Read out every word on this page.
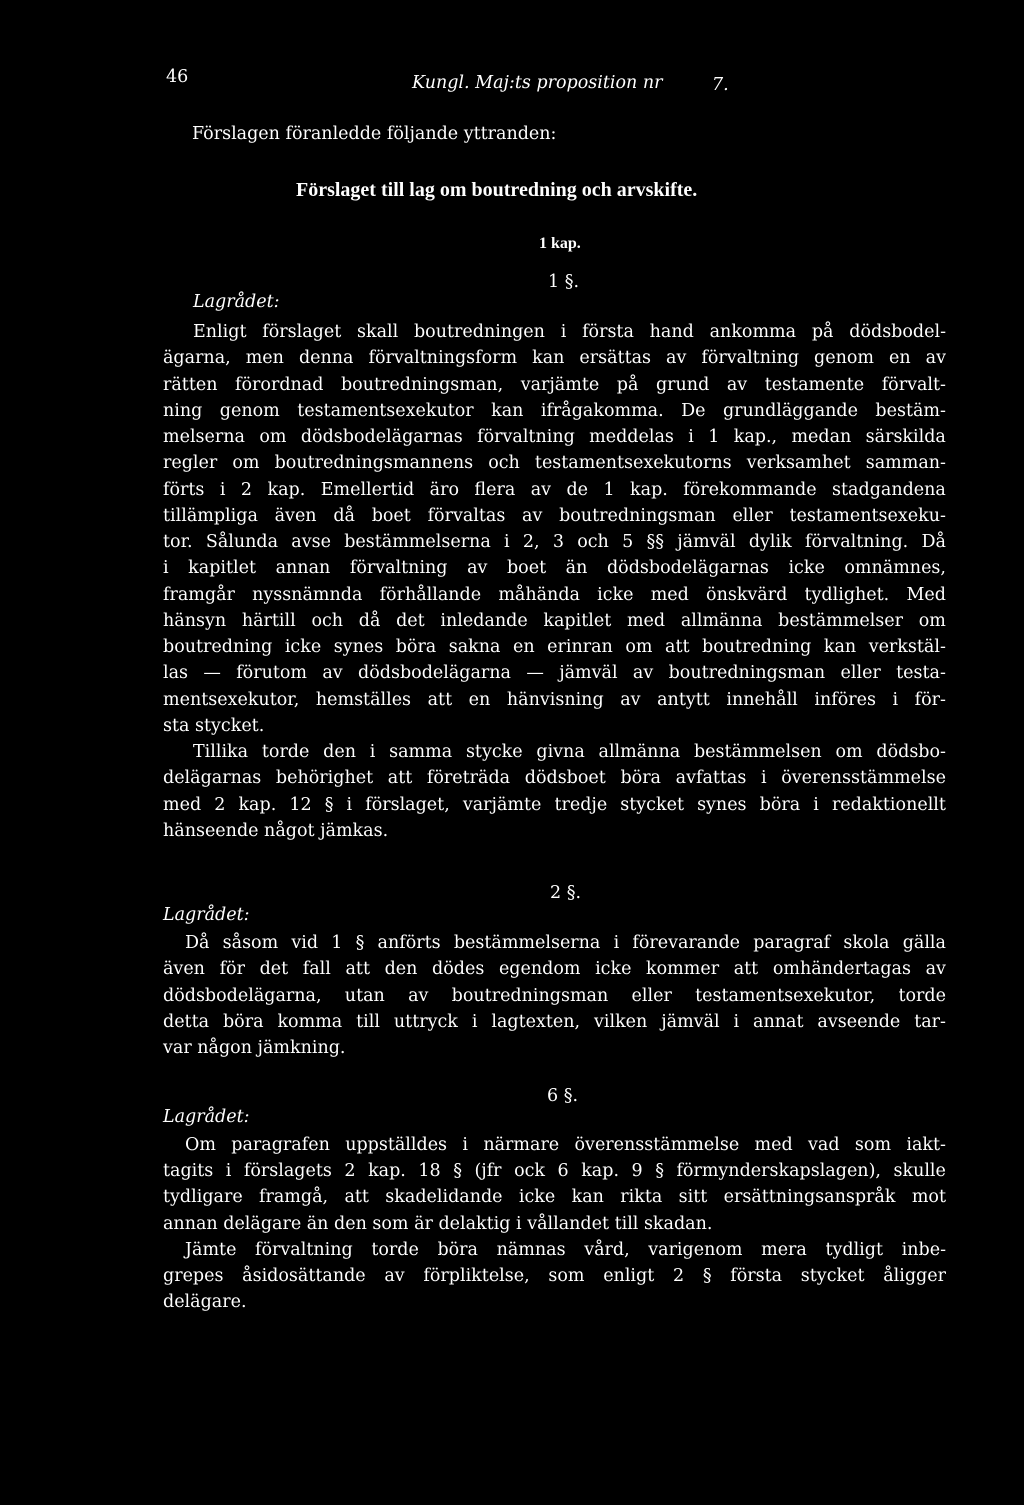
46	Kungl. Maj:ts proposition nr	7.
Förslagen föranledde följande yttranden:
Förslaget till lag om boutredning och arvskifte.
1 kap.
1 §.
Lagrådet:
Enligt förslaget skall boutredningen i första hand ankomma på dödsbodel-
ägarna, men denna förvaltningsform kan ersättas av förvaltning genom en av
rätten förordnad boutredningsman, varjämte på grund av testamente förvalt-
ning genom testamentsexekutor kan ifrågakomma. De grundläggande bestäm-
melserna om dödsbodelägarnas förvaltning meddelas i 1 kap., medan särskilda
regler om boutredningsmannens och testamentsexekutorns verksamhet samman-
förts i 2 kap. Emellertid äro flera av de 1 kap. förekommande stadgandena
tillämpliga även då boet förvaltas av boutredningsman eller testamentsexeku-
tor. Sålunda avse bestämmelserna i 2, 3 och 5 §§ jämväl dylik förvaltning. Då
i kapitlet annan förvaltning av boet än dödsbodelägarnas icke omnämnes,
framgår nyssnämnda förhållande måhända icke med önskvärd tydlighet. Med
hänsyn härtill och då det inledande kapitlet med allmänna bestämmelser om
boutredning icke synes böra sakna en erinran om att boutredning kan verkstäl-
las — förutom av dödsbodelägarna — jämväl av boutredningsman eller testa-
mentsexekutor, hemställes att en hänvisning av antytt innehåll införes i för-
sta stycket.
Tillika torde den i samma stycke givna allmänna bestämmelsen om dödsbo-
delägarnas behörighet att företräda dödsboet böra avfattas i överensstämmelse
med 2 kap. 12 § i förslaget, varjämte tredje stycket synes böra i redaktionellt
hänseende något jämkas.
2 §.
Lagrådet:
Då såsom vid 1 § anförts bestämmelserna i förevarande paragraf skola gälla
även för det fall att den dödes egendom icke kommer att omhändertagas av
dödsbodelägarna, utan av boutredningsman eller testamentsexekutor, torde
detta böra komma till uttryck i lagtexten, vilken jämväl i annat avseende tar-
var någon jämkning.
6 §.
Lagrådet:
Om paragrafen uppställdes i närmare överensstämmelse med vad som iakt-
tagits i förslagets 2 kap. 18 § (jfr ock 6 kap. 9 § förmynderskapslagen), skulle
tydligare framgå, att skadelidande icke kan rikta sitt ersättningsanspråk mot
annan delägare än den som är delaktig i vållandet till skadan.
Jämte förvaltning torde böra nämnas vård, varigenom mera tydligt inbe-
grepes åsidosättande av förpliktelse, som enligt 2 § första stycket åligger
delägare.
